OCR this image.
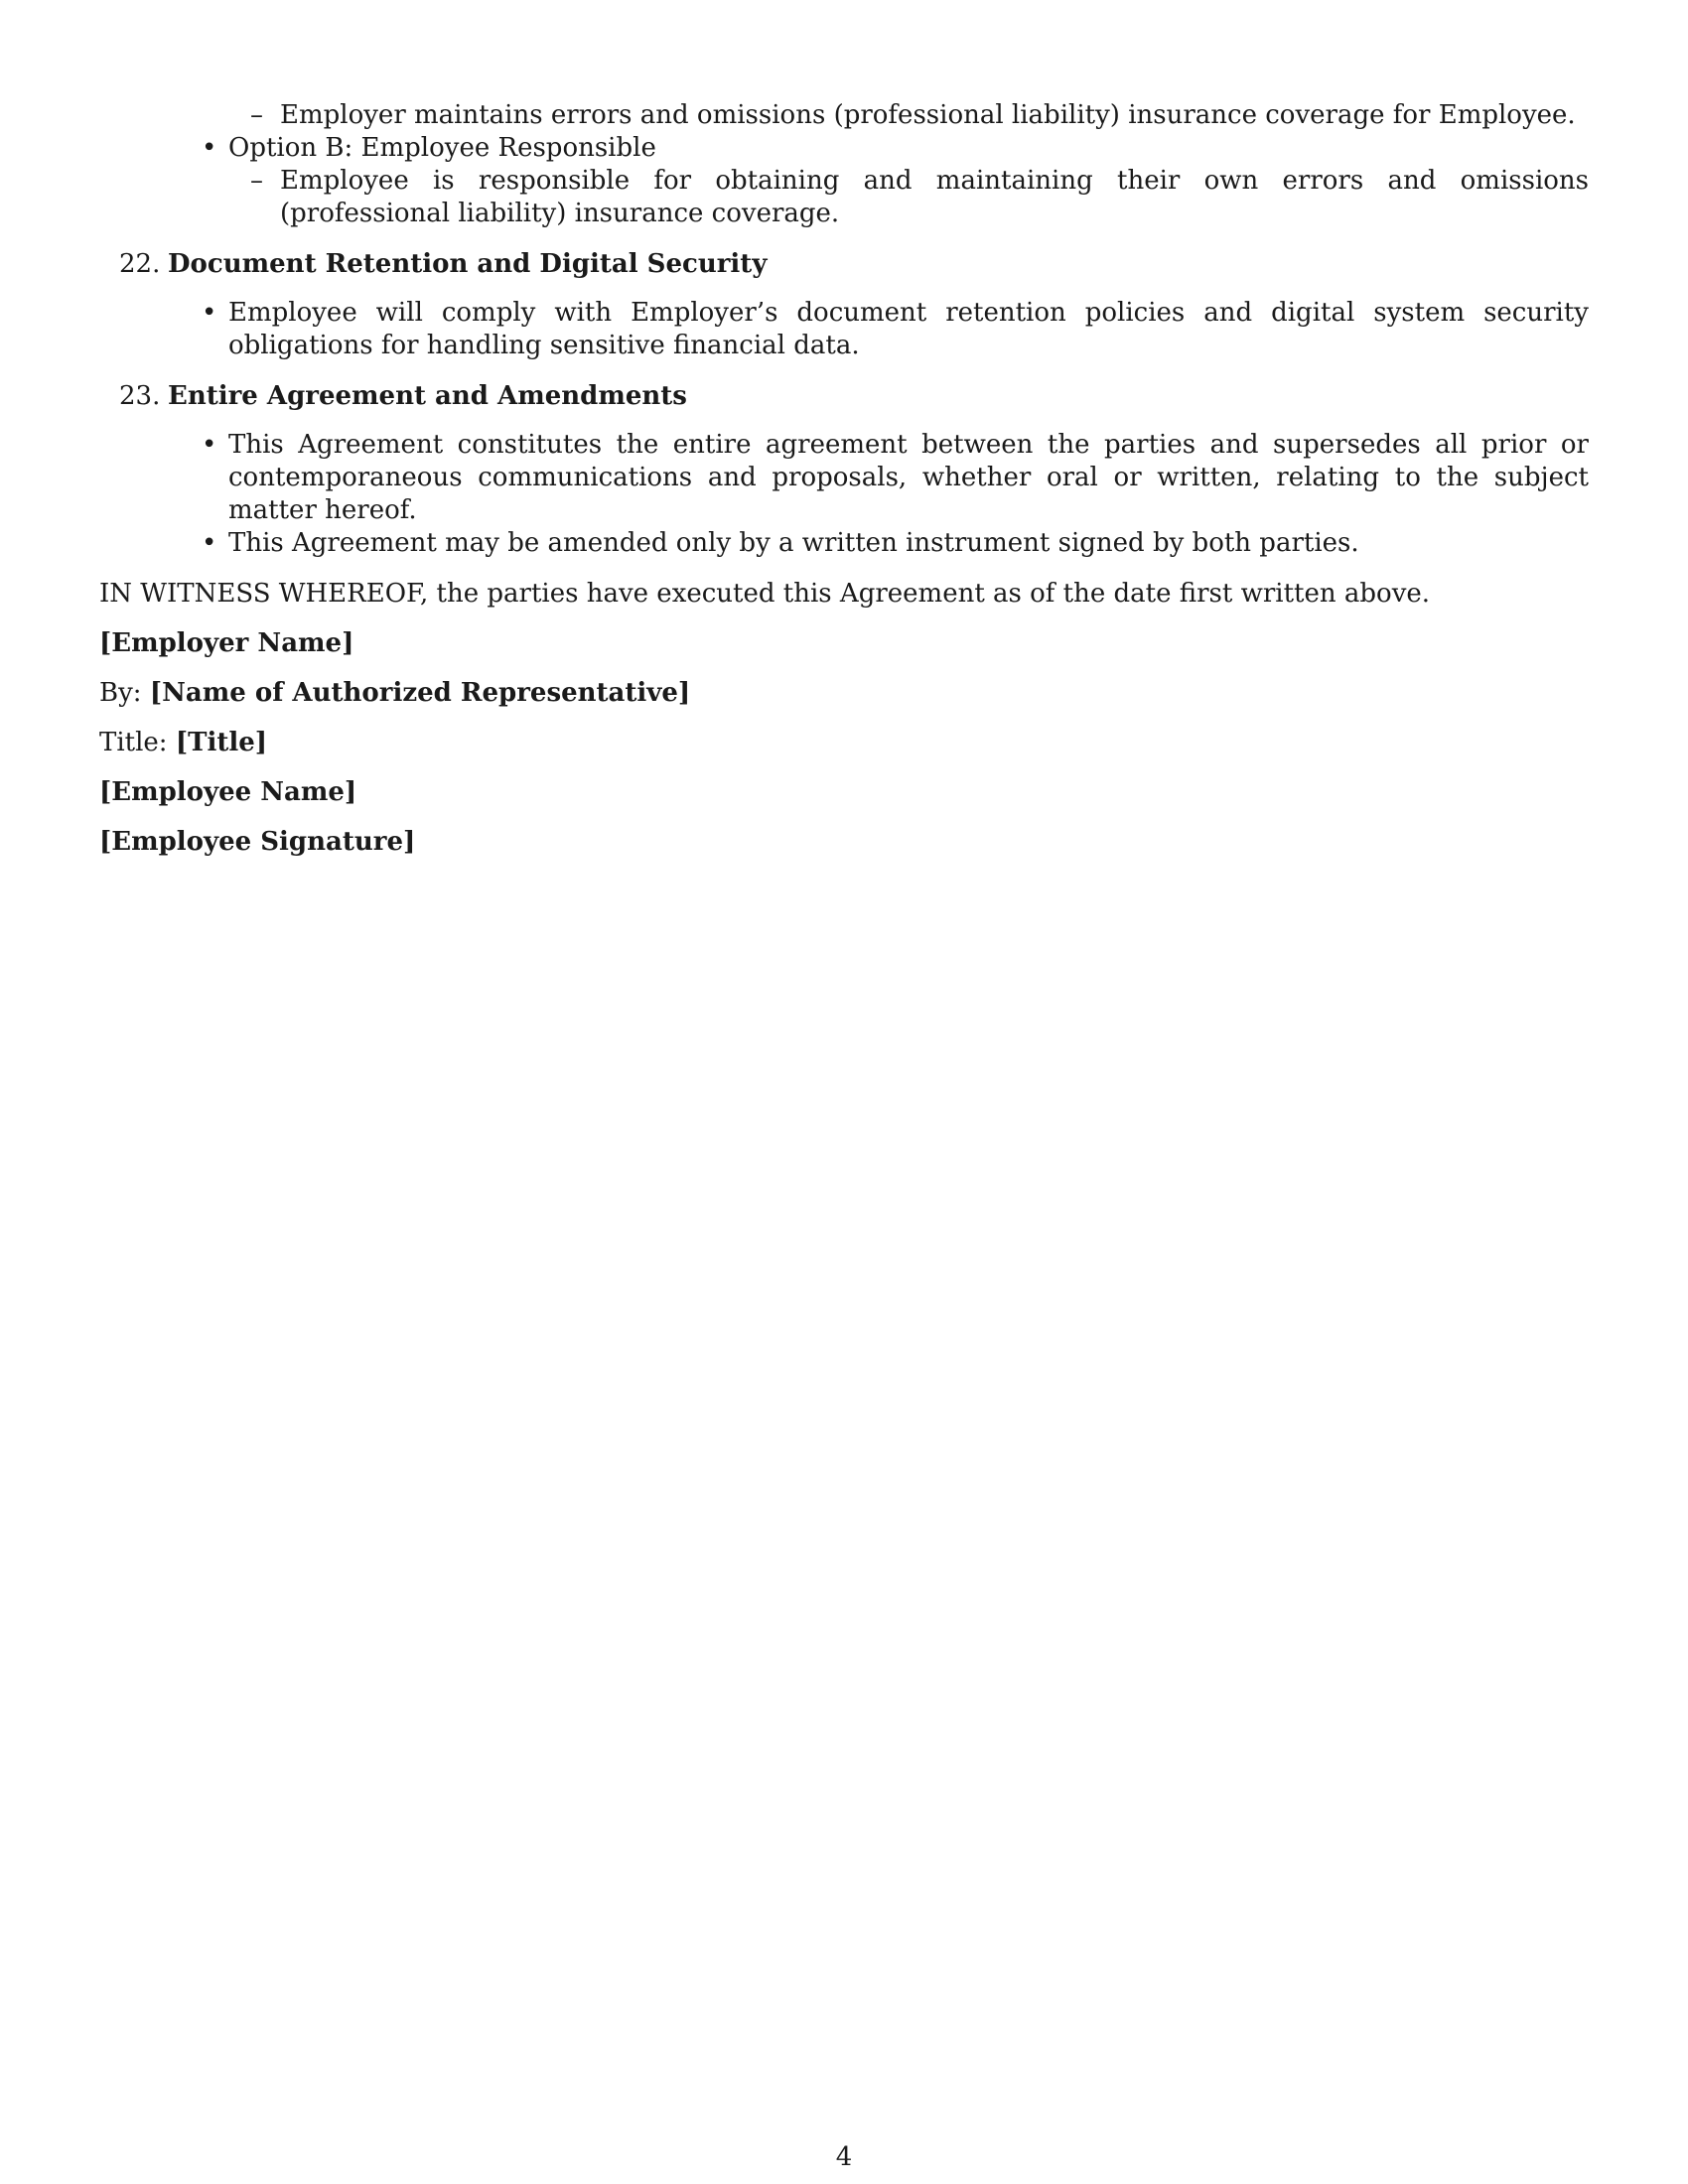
– Employer maintains errors and omissions (professional liability) insurance coverage for Employee.
• Option B: Employee Responsible
– Employee is responsible for obtaining and maintaining their own errors and omissions (professional liability) insurance coverage.
22. Document Retention and Digital Security
• Employee will comply with Employer’s document retention policies and digital system security obligations for handling sensitive financial data.
23. Entire Agreement and Amendments
• This Agreement constitutes the entire agreement between the parties and supersedes all prior or contemporaneous communications and proposals, whether oral or written, relating to the subject matter hereof.
• This Agreement may be amended only by a written instrument signed by both parties.
IN WITNESS WHEREOF, the parties have executed this Agreement as of the date first written above.
[Employer Name]
By: [Name of Authorized Representative]
Title: [Title]
[Employee Name]
[Employee Signature]
4
